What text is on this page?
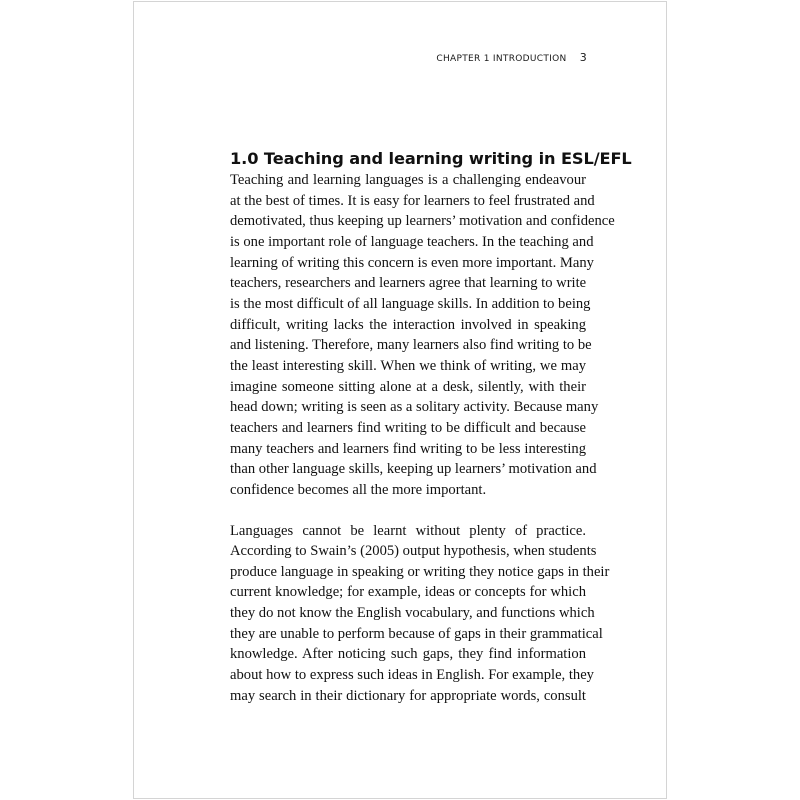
CHAPTER 1 INTRODUCTION 3
1.0 Teaching and learning writing in ESL/EFL
Teaching and learning languages is a challenging endeavour
at the best of times. It is easy for learners to feel frustrated and
demotivated, thus keeping up learners’ motivation and confidence
is one important role of language teachers. In the teaching and
learning of writing this concern is even more important. Many
teachers, researchers and learners agree that learning to write
is the most difficult of all language skills. In addition to being
difficult, writing lacks the interaction involved in speaking
and listening. Therefore, many learners also find writing to be
the least interesting skill. When we think of writing, we may
imagine someone sitting alone at a desk, silently, with their
head down; writing is seen as a solitary activity. Because many
teachers and learners find writing to be difficult and because
many teachers and learners find writing to be less interesting
than other language skills, keeping up learners’ motivation and
confidence becomes all the more important.
Languages cannot be learnt without plenty of practice.
According to Swain’s (2005) output hypothesis, when students
produce language in speaking or writing they notice gaps in their
current knowledge; for example, ideas or concepts for which
they do not know the English vocabulary, and functions which
they are unable to perform because of gaps in their grammatical
knowledge. After noticing such gaps, they find information
about how to express such ideas in English. For example, they
may search in their dictionary for appropriate words, consult
